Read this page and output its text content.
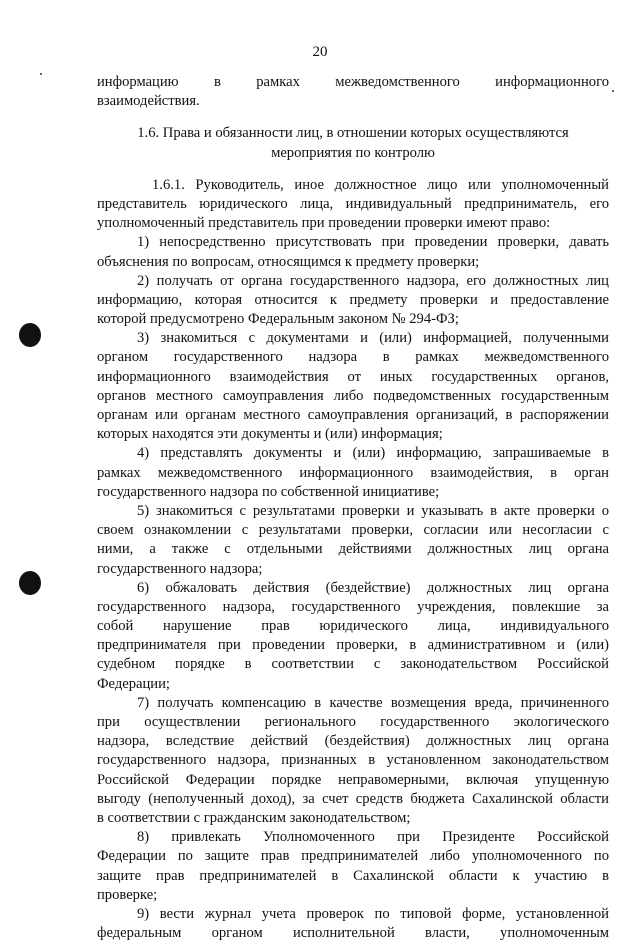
20
информацию в рамках межведомственного информационного
взаимодействия.
1.6. Права и обязанности лиц, в отношении которых осуществляются
мероприятия по контролю
1.6.1. Руководитель, иное должностное лицо или уполномоченный
представитель юридического лица, индивидуальный предприниматель, его
уполномоченный представитель при проведении проверки имеют право:
1) непосредственно присутствовать при проведении проверки, давать
объяснения по вопросам, относящимся к предмету проверки;
2) получать от органа государственного надзора, его должностных лиц
информацию, которая относится к предмету проверки и предоставление
которой предусмотрено Федеральным законом № 294-ФЗ;
3) знакомиться с документами и (или) информацией, полученными
органом государственного надзора в рамках межведомственного
информационного взаимодействия от иных государственных органов,
органов местного самоуправления либо подведомственных государственным
органам или органам местного самоуправления организаций, в распоряжении
которых находятся эти документы и (или) информация;
4) представлять документы и (или) информацию, запрашиваемые в
рамках межведомственного информационного взаимодействия, в орган
государственного надзора по собственной инициативе;
5) знакомиться с результатами проверки и указывать в акте проверки о
своем ознакомлении с результатами проверки, согласии или несогласии с
ними, а также с отдельными действиями должностных лиц органа
государственного надзора;
6) обжаловать действия (бездействие) должностных лиц органа
государственного надзора, государственного учреждения, повлекшие за
собой нарушение прав юридического лица, индивидуального
предпринимателя при проведении проверки, в административном и (или)
судебном порядке в соответствии с законодательством Российской
Федерации;
7) получать компенсацию в качестве возмещения вреда, причиненного
при осуществлении регионального государственного экологического
надзора, вследствие действий (бездействия) должностных лиц органа
государственного надзора, признанных в установленном законодательством
Российской Федерации порядке неправомерными, включая упущенную
выгоду (неполученный доход), за счет средств бюджета Сахалинской области
в соответствии с гражданским законодательством;
8) привлекать Уполномоченного при Президенте Российской
Федерации по защите прав предпринимателей либо уполномоченного по
защите прав предпринимателей в Сахалинской области к участию в
проверке;
9) вести журнал учета проверок по типовой форме, установленной
федеральным органом исполнительной власти, уполномоченным
